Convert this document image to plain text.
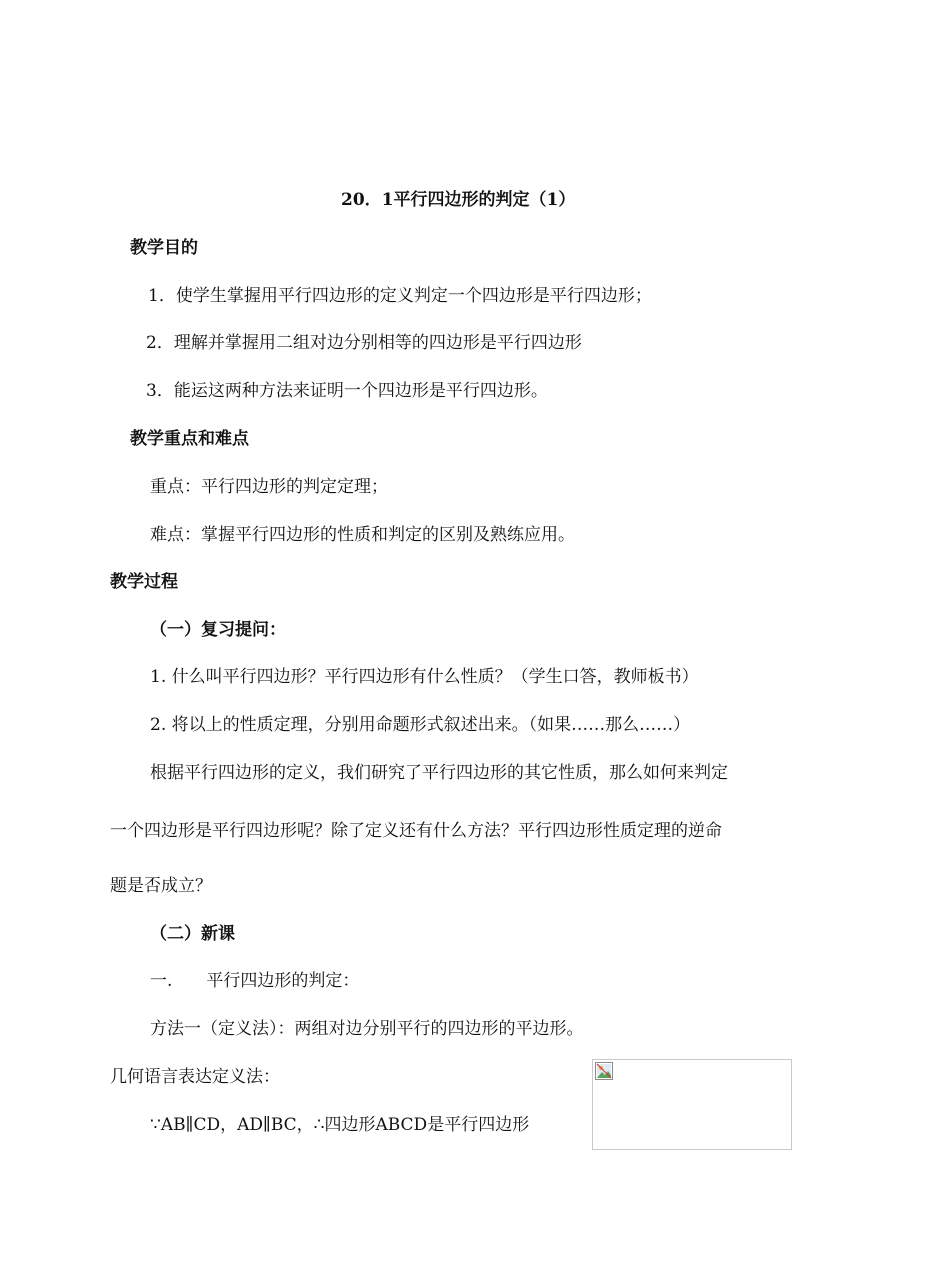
20．1平行四边形的判定（1）
教学目的
1．使学生掌握用平行四边形的定义判定一个四边形是平行四边形；
2．理解并掌握用二组对边分别相等的四边形是平行四边形
3．能运这两种方法来证明一个四边形是平行四边形。
教学重点和难点
重点：平行四边形的判定定理；
难点：掌握平行四边形的性质和判定的区别及熟练应用。
教学过程
（一）复习提问：
1. 什么叫平行四边形？平行四边形有什么性质？（学生口答，教师板书）
2. 将以上的性质定理，分别用命题形式叙述出来。（如果……那么……）
根据平行四边形的定义，我们研究了平行四边形的其它性质，那么如何来判定
一个四边形是平行四边形呢？除了定义还有什么方法？平行四边形性质定理的逆命
题是否成立？
（二）新课
一.　　平行四边形的判定：
方法一（定义法）：两组对边分别平行的四边形的平边形。
几何语言表达定义法：
∵AB∥CD，AD∥BC，∴四边形ABCD是平行四边形
